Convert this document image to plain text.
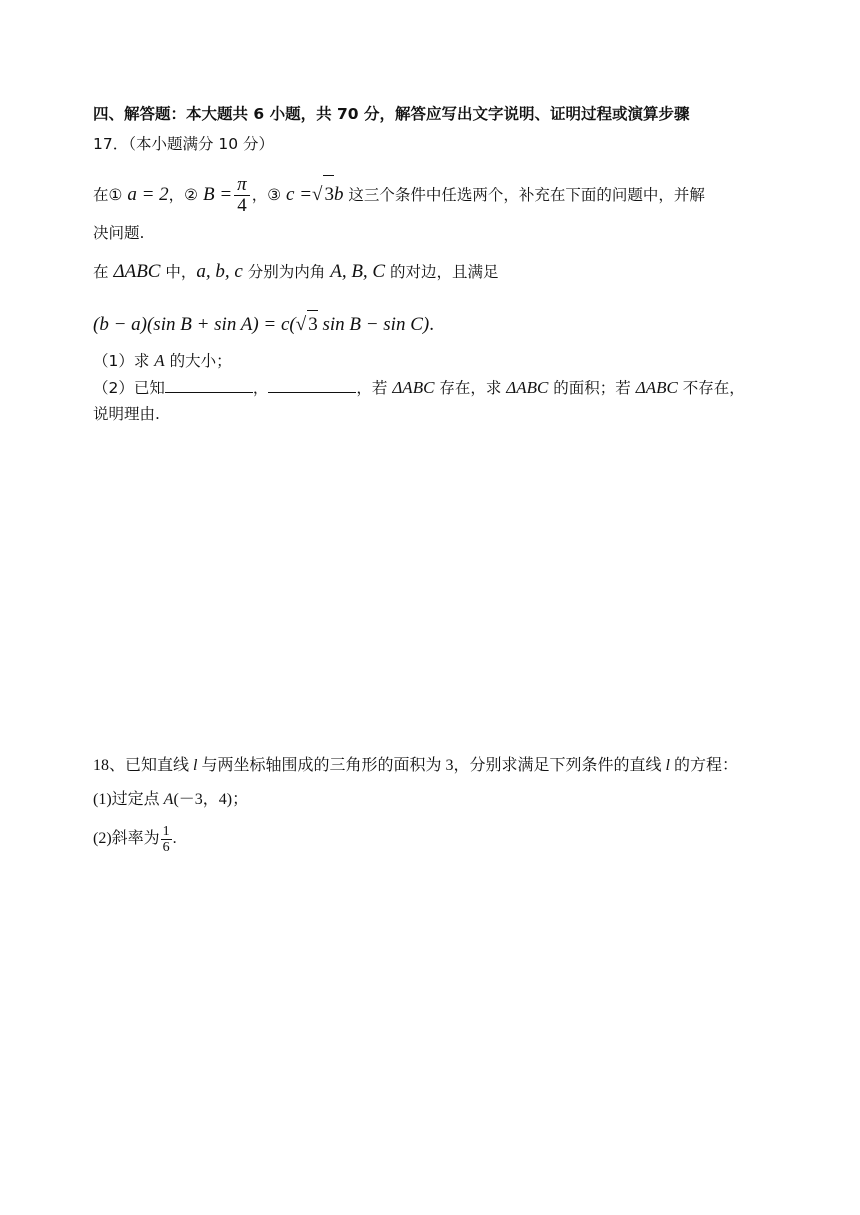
四、解答题：本大题共 6 小题，共 70 分，解答应写出文字说明、证明过程或演算步骤
17．（本小题满分 10 分）
在① a = 2，② $B = \frac{\pi}{4}$ ，③ c =√ 3b 这三个条件中任选两个，补充在下面的问题中，并解
决问题.
在 ΔABC 中，a, b, c 分别为内角 A, B, C 的对边，且满足
(b − a)(sin B + sin A) = c(√ 3 sin B − sin C).
（1）求 A 的大小；
（2）已知	，	，若 ΔABC 存在，求 ΔABC 的面积；若 ΔABC 不存在，
说明理由.
18、已知直线 l 与两坐标轴围成的三角形的面积为 3，分别求满足下列条件的直线 l 的方程：
(1)过定点 A(－3，4)；
(2)斜率为 $\frac{1}{6}$ .
